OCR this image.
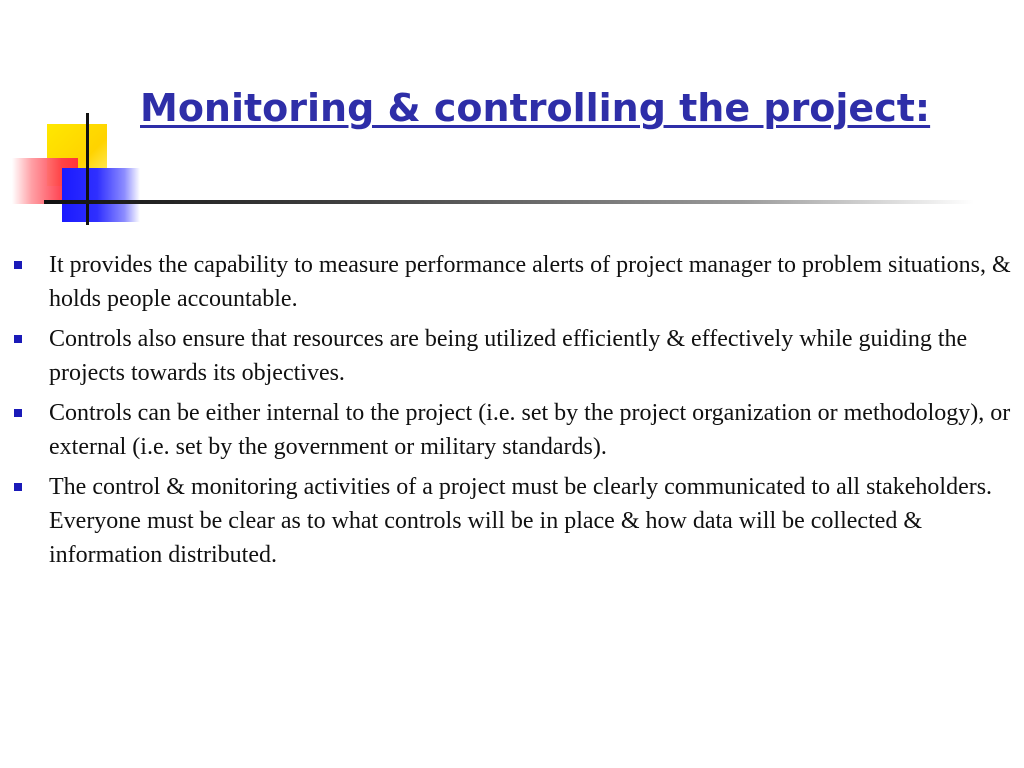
Monitoring & controlling the project:
It provides the capability to measure performance alerts of project manager to problem situations, & holds people accountable.
Controls also ensure that resources are being utilized efficiently & effectively while guiding the projects towards its objectives.
Controls can be either internal to the project (i.e. set by the project organization or methodology), or external (i.e. set by the government or military standards).
The control & monitoring activities of a project must be clearly communicated to all stakeholders. Everyone must be clear as to what controls will be in place & how data will be collected & information distributed.
